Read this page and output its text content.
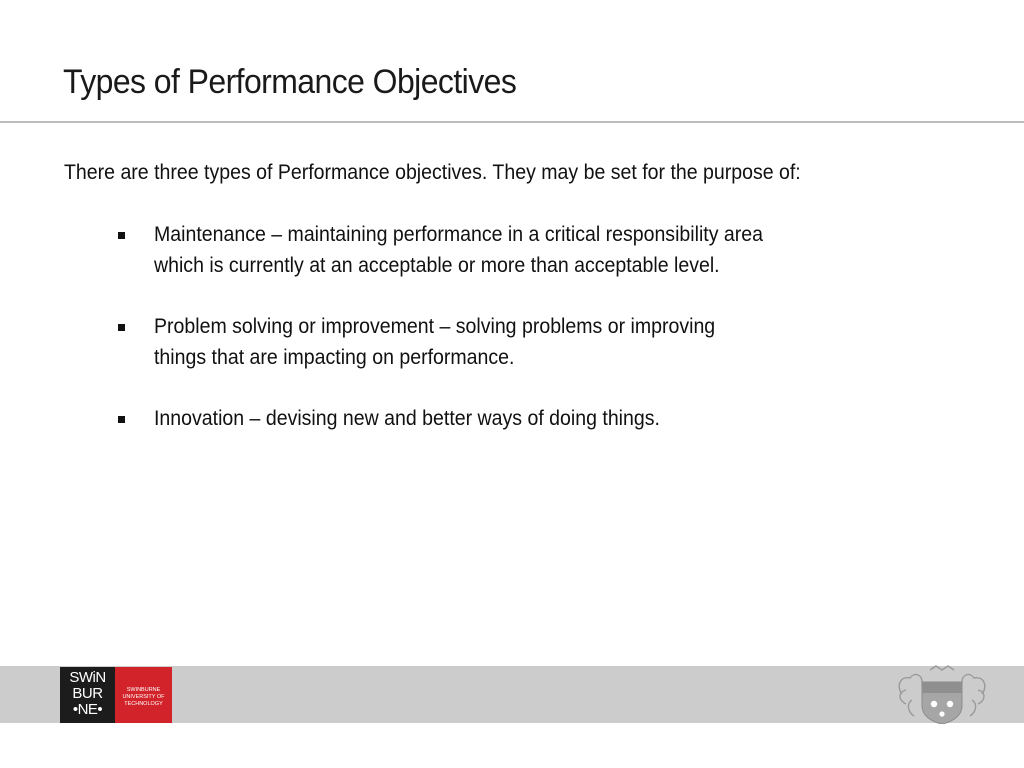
Types of Performance Objectives
There are three types of Performance objectives. They may be set for the purpose of:
Maintenance – maintaining performance in a critical responsibility area which is currently at an acceptable or more than acceptable level.
Problem solving or improvement – solving problems or improving things that are impacting on performance.
Innovation – devising new and better ways of doing things.
SWiN
BUR
•NE•
SWINBURNE
UNIVERSITY OF
TECHNOLOGY
